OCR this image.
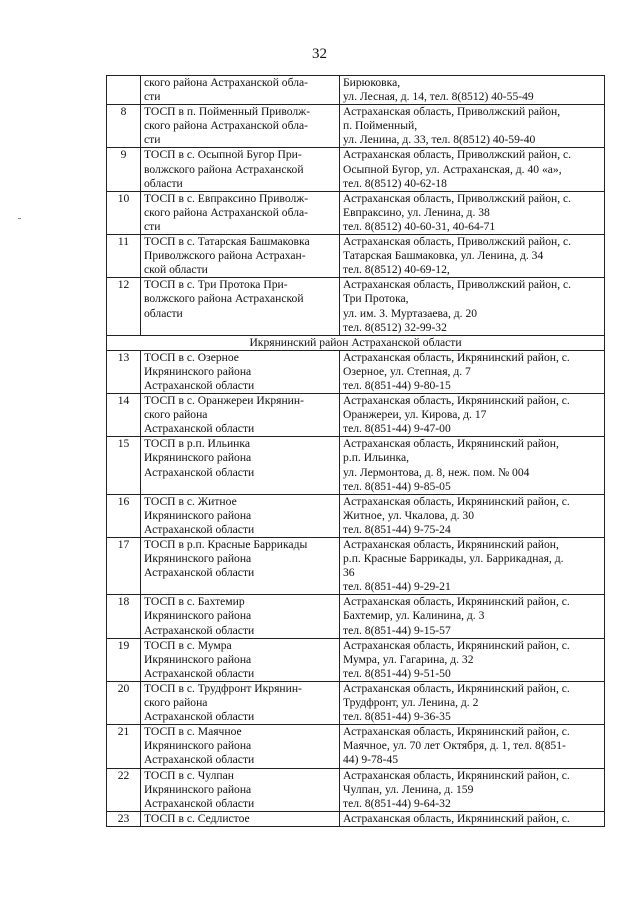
32

	ского района Астраханской обла-
сти	Бирюковка,
ул. Лесная, д. 14, тел. 8(8512) 40-55-49

8	ТОСП в п. Пойменный Приволж-
ского района Астраханской обла-
сти	Астраханская область, Приволжский район,
п. Пойменный,
ул. Ленина, д. 33, тел. 8(8512) 40-59-40

9	ТОСП в с. Осыпной Бугор При-
волжского района Астраханской
области	Астраханская область, Приволжский район, с.
Осыпной Бугор, ул. Астраханская, д. 40 «а»,
тел. 8(8512) 40-62-18

10	ТОСП в с. Евпраксино Приволж-
ского района Астраханской обла-
сти	Астраханская область, Приволжский район, с.
Евпраксино, ул. Ленина, д. 38
тел. 8(8512) 40-60-31, 40-64-71

11	ТОСП в с. Татарская Башмаковка
Приволжского района Астрахан-
ской области	Астраханская область, Приволжский район, с.
Татарская Башмаковка, ул. Ленина, д. 34
тел. 8(8512) 40-69-12,

12	ТОСП в с. Три Протока При-
волжского района Астраханской
области	Астраханская область, Приволжский район, с.
Три Протока,
ул. им. З. Муртазаева, д. 20
тел. 8(8512) 32-99-32

Икрянинский район Астраханской области		
13	ТОСП в с. Озерное
Икрянинского района
Астраханской области	Астраханская область, Икрянинский район, с.
Озерное, ул. Степная, д. 7
тел. 8(851-44) 9-80-15

14	ТОСП в с. Оранжереи Икрянин-
ского района
Астраханской области	Астраханская область, Икрянинский район, с.
Оранжереи, ул. Кирова, д. 17
тел. 8(851-44) 9-47-00

15	ТОСП в р.п. Ильинка
Икрянинского района
Астраханской области	Астраханская область, Икрянинский район,
р.п. Ильинка,
ул. Лермонтова, д. 8, неж. пом. № 004
тел. 8(851-44) 9-85-05

16	ТОСП в с. Житное
Икрянинского района
Астраханской области	Астраханская область, Икрянинский район, с.
Житное, ул. Чкалова, д. 30
тел. 8(851-44) 9-75-24

17	ТОСП в р.п. Красные Баррикады
Икрянинского района
Астраханской области	Астраханская область, Икрянинский район,
р.п. Красные Баррикады, ул. Баррикадная, д.
36
тел. 8(851-44) 9-29-21

18	ТОСП в с. Бахтемир
Икрянинского района
Астраханской области	Астраханская область, Икрянинский район, с.
Бахтемир, ул. Калинина, д. 3
тел. 8(851-44) 9-15-57

19	ТОСП в с. Мумра
Икрянинского района
Астраханской области	Астраханская область, Икрянинский район, с.
Мумра, ул. Гагарина, д. 32
тел. 8(851-44) 9-51-50

20	ТОСП в с. Трудфронт Икрянин-
ского района
Астраханской области	Астраханская область, Икрянинский район, с.
Трудфронт, ул. Ленина, д. 2
тел. 8(851-44) 9-36-35

21	ТОСП в с. Маячное
Икрянинского района
Астраханской области	Астраханская область, Икрянинский район, с.
Маячное, ул. 70 лет Октября, д. 1, тел. 8(851-
44) 9-78-45

22	ТОСП в с. Чулпан
Икрянинского района
Астраханской области	Астраханская область, Икрянинский район, с.
Чулпан, ул. Ленина, д. 159
тел. 8(851-44) 9-64-32

23	ТОСП в с. Седлистое	Астраханская область, Икрянинский район, с.
